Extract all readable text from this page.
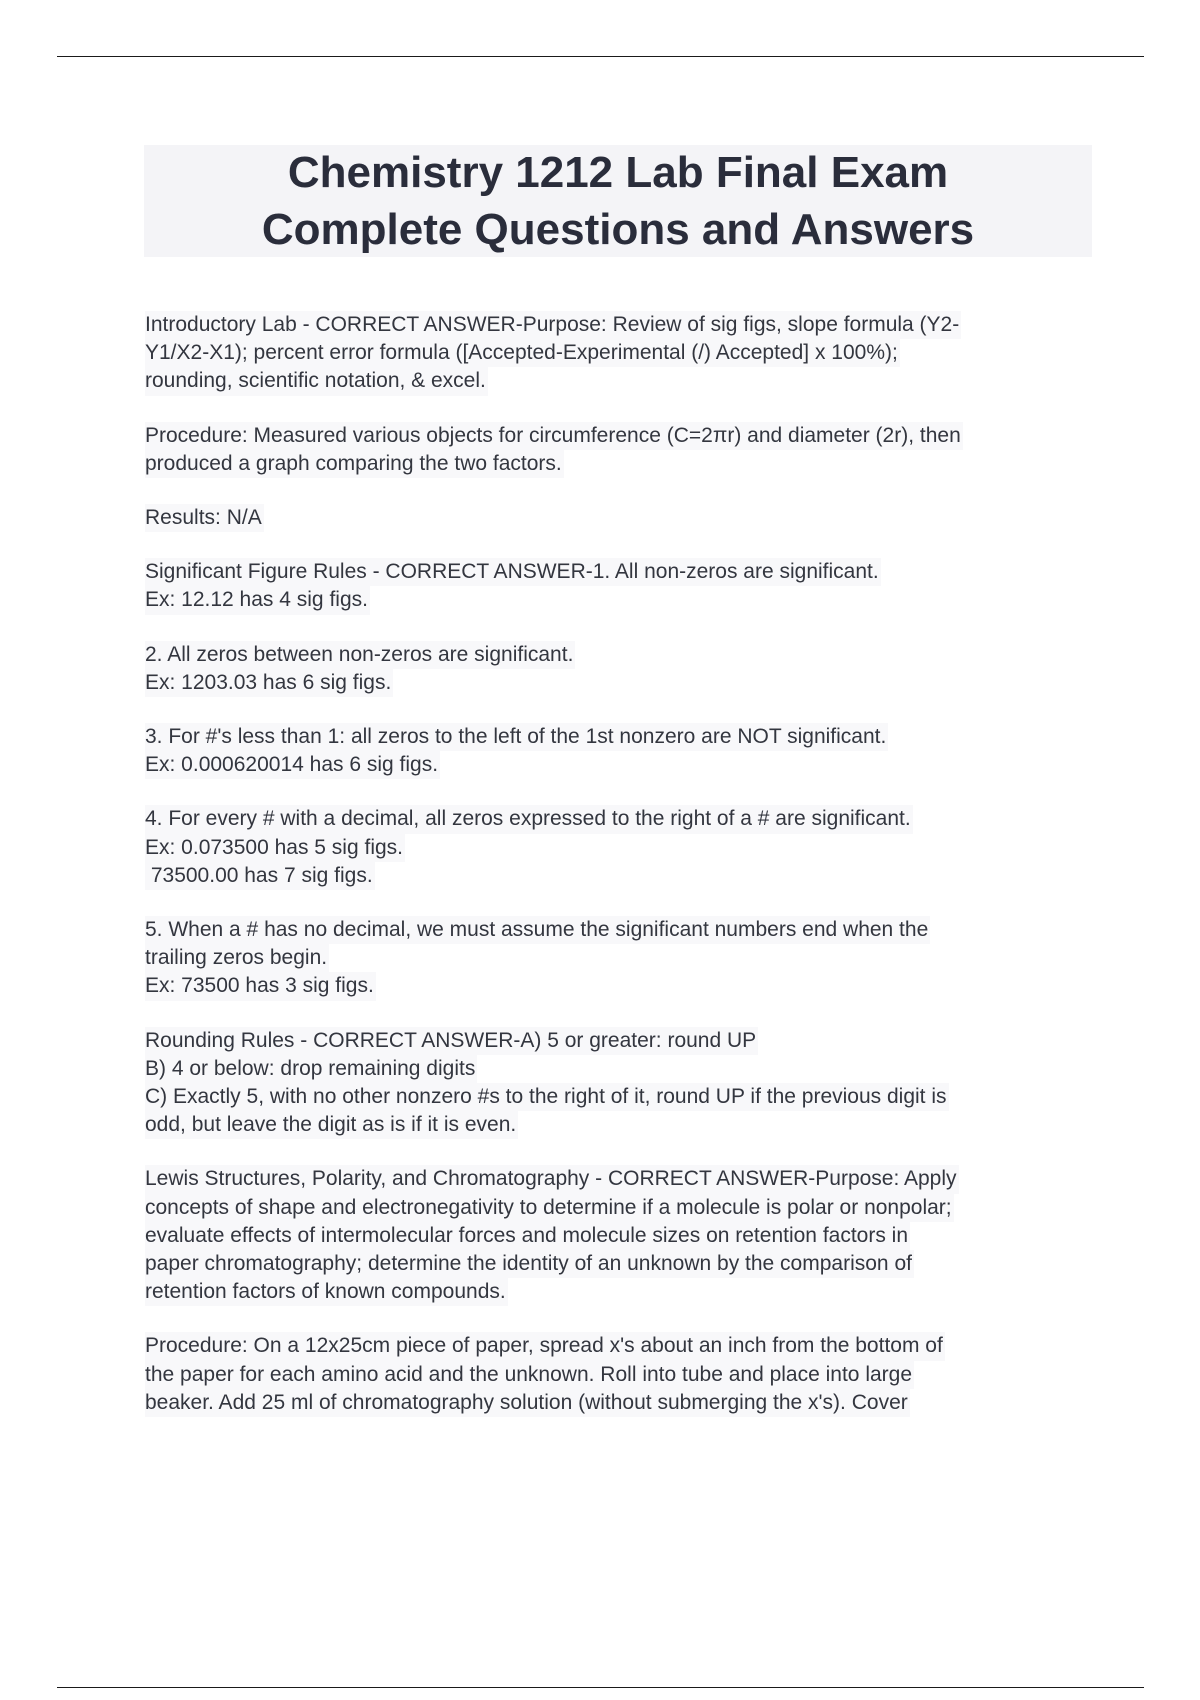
Chemistry 1212 Lab Final Exam
Complete Questions and Answers
Introductory Lab - CORRECT ANSWER-Purpose: Review of sig figs, slope formula (Y2-
Y1/X2-X1); percent error formula ([Accepted-Experimental (/) Accepted] x 100%);
rounding, scientific notation, & excel.
Procedure: Measured various objects for circumference (C=2πr) and diameter (2r), then
produced a graph comparing the two factors.
Results: N/A
Significant Figure Rules - CORRECT ANSWER-1. All non-zeros are significant.
Ex: 12.12 has 4 sig figs.
2. All zeros between non-zeros are significant.
Ex: 1203.03 has 6 sig figs.
3. For #'s less than 1: all zeros to the left of the 1st nonzero are NOT significant.
Ex: 0.000620014 has 6 sig figs.
4. For every # with a decimal, all zeros expressed to the right of a # are significant.
Ex: 0.073500 has 5 sig figs.
73500.00 has 7 sig figs.
5. When a # has no decimal, we must assume the significant numbers end when the
trailing zeros begin.
Ex: 73500 has 3 sig figs.
Rounding Rules - CORRECT ANSWER-A) 5 or greater: round UP
B) 4 or below: drop remaining digits
C) Exactly 5, with no other nonzero #s to the right of it, round UP if the previous digit is
odd, but leave the digit as is if it is even.
Lewis Structures, Polarity, and Chromatography - CORRECT ANSWER-Purpose: Apply
concepts of shape and electronegativity to determine if a molecule is polar or nonpolar;
evaluate effects of intermolecular forces and molecule sizes on retention factors in
paper chromatography; determine the identity of an unknown by the comparison of
retention factors of known compounds.
Procedure: On a 12x25cm piece of paper, spread x's about an inch from the bottom of
the paper for each amino acid and the unknown. Roll into tube and place into large
beaker. Add 25 ml of chromatography solution (without submerging the x's). Cover
